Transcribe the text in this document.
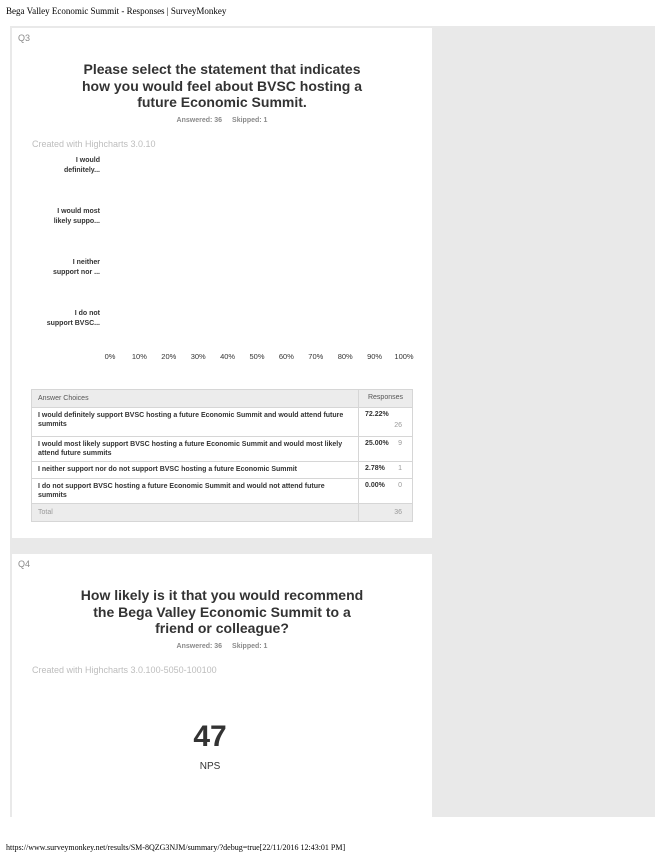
Bega Valley Economic Summit - Responses | SurveyMonkey
Q3
Please select the statement that indicates
how you would feel about BVSC hosting a
future Economic Summit.
Answered: 36 Skipped: 1
Created with Highcharts 3.0.10
I would
definitely...
I would most
likely suppo...
I neither
support nor ...
I do not
support BVSC...
0% 10% 20% 30% 40% 50% 60% 70% 80% 90% 100%
Answer Choices	Responses
I would definitely support BVSC hosting a future Economic Summit and would attend future summits	72.22%
26

I would most likely support BVSC hosting a future Economic Summit and would most likely attend future summits	25.00% 9

I neither support nor do not support BVSC hosting a future Economic Summit	2.78% 1

I do not support BVSC hosting a future Economic Summit and would not attend future summits	0.00% 0

Total	36
Q4
How likely is it that you would recommend
the Bega Valley Economic Summit to a
friend or colleague?
Answered: 36 Skipped: 1
Created with Highcharts 3.0.100-5050-100100
47
NPS
https://www.surveymonkey.net/results/SM-8QZG3NJM/summary/?debug=true[22/11/2016 12:43:01 PM]
